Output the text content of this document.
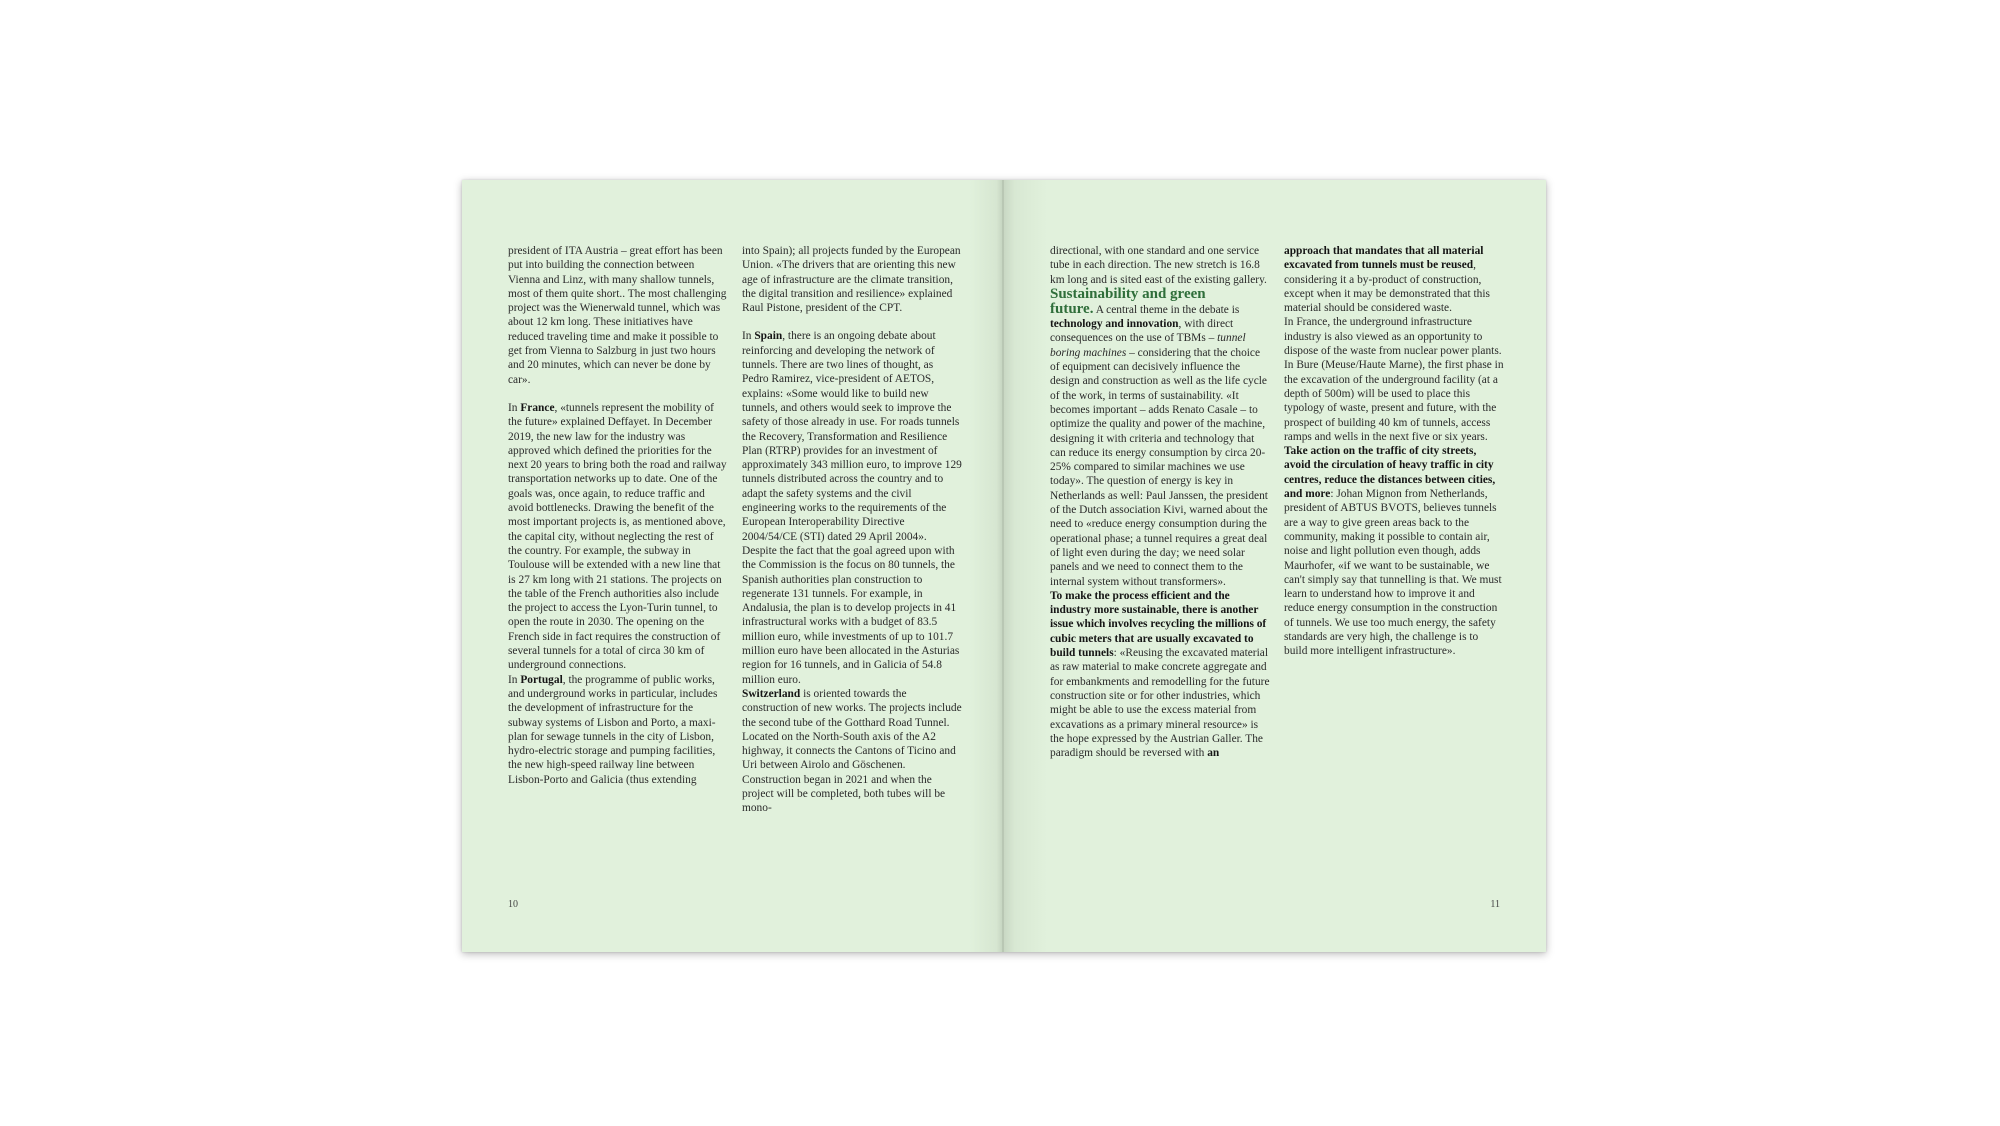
president of ITA Austria – great effort has been put into building the connection between Vienna and Linz, with many shallow tunnels, most of them quite short.. The most challenging project was the Wienerwald tunnel, which was about 12 km long. These initiatives have reduced traveling time and make it possible to get from Vienna to Salzburg in just two hours and 20 minutes, which can never be done by car».

In France, «tunnels represent the mobility of the future» explained Deffayet. In December 2019, the new law for the industry was approved which defined the priorities for the next 20 years to bring both the road and railway transportation networks up to date. One of the goals was, once again, to reduce traffic and avoid bottlenecks. Drawing the benefit of the most important projects is, as mentioned above, the capital city, without neglecting the rest of the country. For example, the subway in Toulouse will be extended with a new line that is 27 km long with 21 stations. The projects on the table of the French authorities also include the project to access the Lyon-Turin tunnel, to open the route in 2030. The opening on the French side in fact requires the construction of several tunnels for a total of circa 30 km of underground connections.

In Portugal, the programme of public works, and underground works in particular, includes the development of infrastructure for the subway systems of Lisbon and Porto, a maxi-plan for sewage tunnels in the city of Lisbon, hydro-electric storage and pumping facilities, the new high-speed railway line between Lisbon-Porto and Galicia (thus extending

into Spain); all projects funded by the European Union. «The drivers that are orienting this new age of infrastructure are the climate transition, the digital transition and resilience» explained Raul Pistone, president of the CPT.

In Spain, there is an ongoing debate about reinforcing and developing the network of tunnels. There are two lines of thought, as Pedro Ramirez, vice-president of AETOS, explains: «Some would like to build new tunnels, and others would seek to improve the safety of those already in use. For roads tunnels the Recovery, Transformation and Resilience Plan (RTRP) provides for an investment of approximately 343 million euro, to improve 129 tunnels distributed across the country and to adapt the safety systems and the civil engineering works to the requirements of the European Interoperability Directive 2004/54/CE (STI) dated 29 April 2004». Despite the fact that the goal agreed upon with the Commission is the focus on 80 tunnels, the Spanish authorities plan construction to regenerate 131 tunnels. For example, in Andalusia, the plan is to develop projects in 41 infrastructural works with a budget of 83.5 million euro, while investments of up to 101.7 million euro have been allocated in the Asturias region for 16 tunnels, and in Galicia of 54.8 million euro.

Switzerland is oriented towards the construction of new works. The projects include the second tube of the Gotthard Road Tunnel. Located on the North-South axis of the A2 highway, it connects the Cantons of Ticino and Uri between Airolo and Göschenen. Construction began in 2021 and when the project will be completed, both tubes will be mono-

10

directional, with one standard and one service tube in each direction. The new stretch is 16.8 km long and is sited east of the existing gallery.

Sustainability and green

future. A central theme in the debate is technology and innovation, with direct consequences on the use of TBMs – tunnel boring machines – considering that the choice of equipment can decisively influence the design and construction as well as the life cycle of the work, in terms of sustainability. «It becomes important – adds Renato Casale – to optimize the quality and power of the machine, designing it with criteria and technology that can reduce its energy consumption by circa 20-25% compared to similar machines we use today». The question of energy is key in Netherlands as well: Paul Janssen, the president of the Dutch association Kivi, warned about the need to «reduce energy consumption during the operational phase; a tunnel requires a great deal of light even during the day; we need solar panels and we need to connect them to the internal system without transformers».

To make the process efficient and the industry more sustainable, there is another issue which involves recycling the millions of cubic meters that are usually excavated to build tunnels: «Reusing the excavated material as raw material to make concrete aggregate and for embankments and remodelling for the future construction site or for other industries, which might be able to use the excess material from excavations as a primary mineral resource» is the hope expressed by the Austrian Galler. The paradigm should be reversed with an

approach that mandates that all material excavated from tunnels must be reused, considering it a by-product of construction, except when it may be demonstrated that this material should be considered waste.

In France, the underground infrastructure industry is also viewed as an opportunity to dispose of the waste from nuclear power plants. In Bure (Meuse/Haute Marne), the first phase in the excavation of the underground facility (at a depth of 500m) will be used to place this typology of waste, present and future, with the prospect of building 40 km of tunnels, access ramps and wells in the next five or six years.

Take action on the traffic of city streets, avoid the circulation of heavy traffic in city centres, reduce the distances between cities, and more: Johan Mignon from Netherlands, president of ABTUS BVOTS, believes tunnels are a way to give green areas back to the community, making it possible to contain air, noise and light pollution even though, adds Maurhofer, «if we want to be sustainable, we can't simply say that tunnelling is that. We must learn to understand how to improve it and reduce energy consumption in the construction of tunnels. We use too much energy, the safety standards are very high, the challenge is to build more intelligent infrastructure».

11
